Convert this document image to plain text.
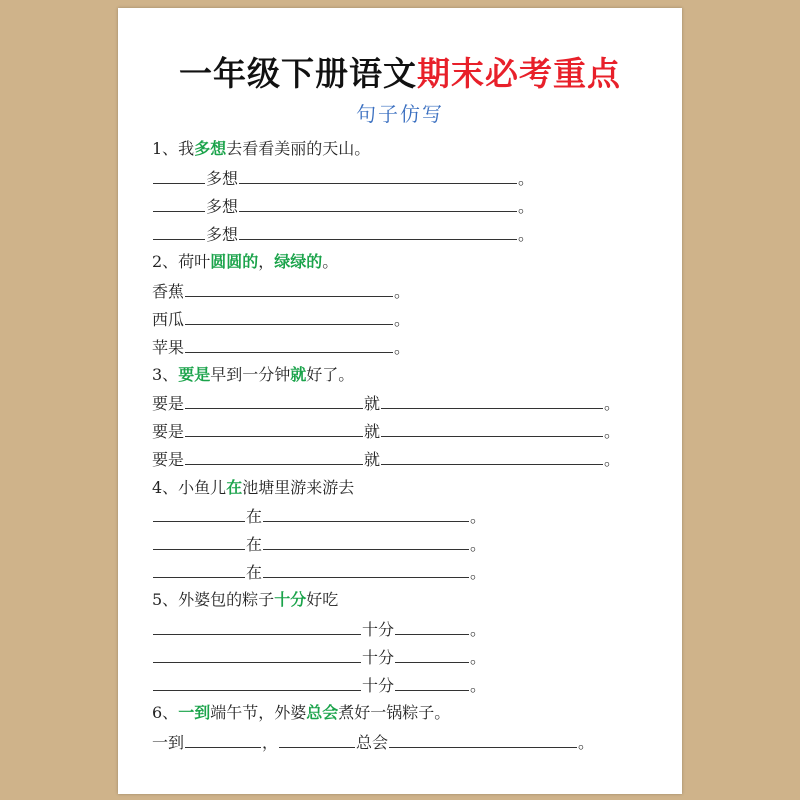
一年级下册语文期末必考重点
句子仿写
1、我多想去看看美丽的天山。
多想	。
多想	。
多想	。
2、荷叶圆圆的，绿绿的。
香蕉	。
西瓜	。
苹果	。
3、要是早到一分钟就好了。
要是	就	。
要是	就	。
要是	就	。
4、小鱼儿在池塘里游来游去
在	。
在	。
在	。
5、外婆包的粽子十分好吃
十分	。
十分	。
十分	。
6、一到端午节，外婆总会煮好一锅粽子。
一到	，	总会	。
